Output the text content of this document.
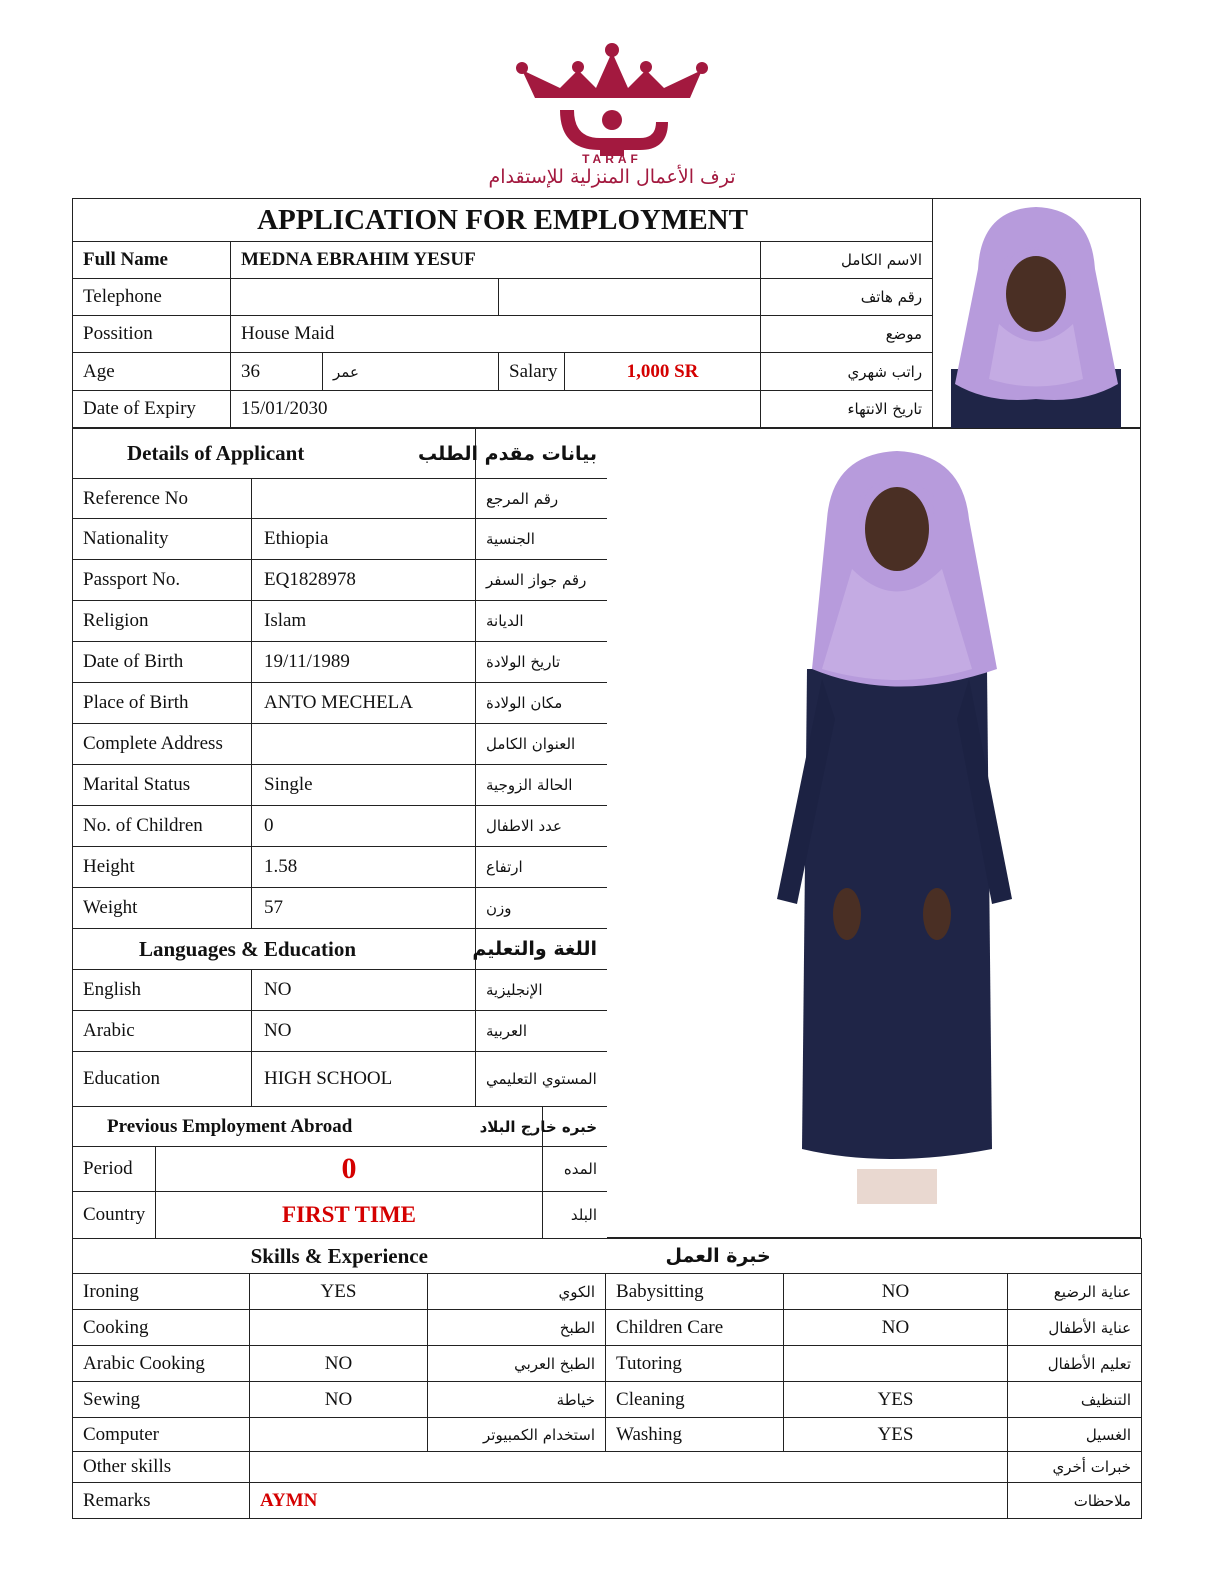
TARAF
ترف الأعمال المنزلية للإستقدام
APPLICATION FOR EMPLOYMENT					
Full Name	MEDNA EBRAHIM YESUF				الاسم الكامل
Telephone					رقم هاتف
Possition	House Maid				موضع
Age	36	عمر	Salary	1,000 SR	راتب شهري
Date of Expiry	15/01/2030				تاريخ الانتهاء
Details of Applicant		بيانات مقدم الطلب
Reference No		رقم المرجع
Nationality	Ethiopia	الجنسية
Passport No.	EQ1828978	رقم جواز السفر
Religion	Islam	الديانة
Date of Birth	19/11/1989	تاريخ الولادة
Place of Birth	ANTO MECHELA	مكان الولادة
Complete Address		العنوان الكامل
Marital Status	Single	الحالة الزوجية
No. of Children	0	عدد الاطفال
Height	1.58	ارتفاع
Weight	57	وزن
Languages & Education		اللغة والتعليم
English	NO	الإنجليزية
Arabic	NO	العربية
Education	HIGH SCHOOL	المستوي التعليمي
Previous Employment Abroad		خبره خارج البلاد
Period	0	المده
Country	FIRST TIME	البلد
Skills & Experience			خبرة العمل		
Ironing	YES	الكوي	Babysitting	NO	عناية الرضيع
Cooking		الطبخ	Children Care	NO	عناية الأطفال
Arabic Cooking	NO	الطبخ العربي	Tutoring		تعليم الأطفال
Sewing	NO	خياطة	Cleaning	YES	التنظيف
Computer		استخدام الكمبيوتر	Washing	YES	الغسيل
Other skills					خبرات أخري
Remarks	AYMN				ملاحظات
